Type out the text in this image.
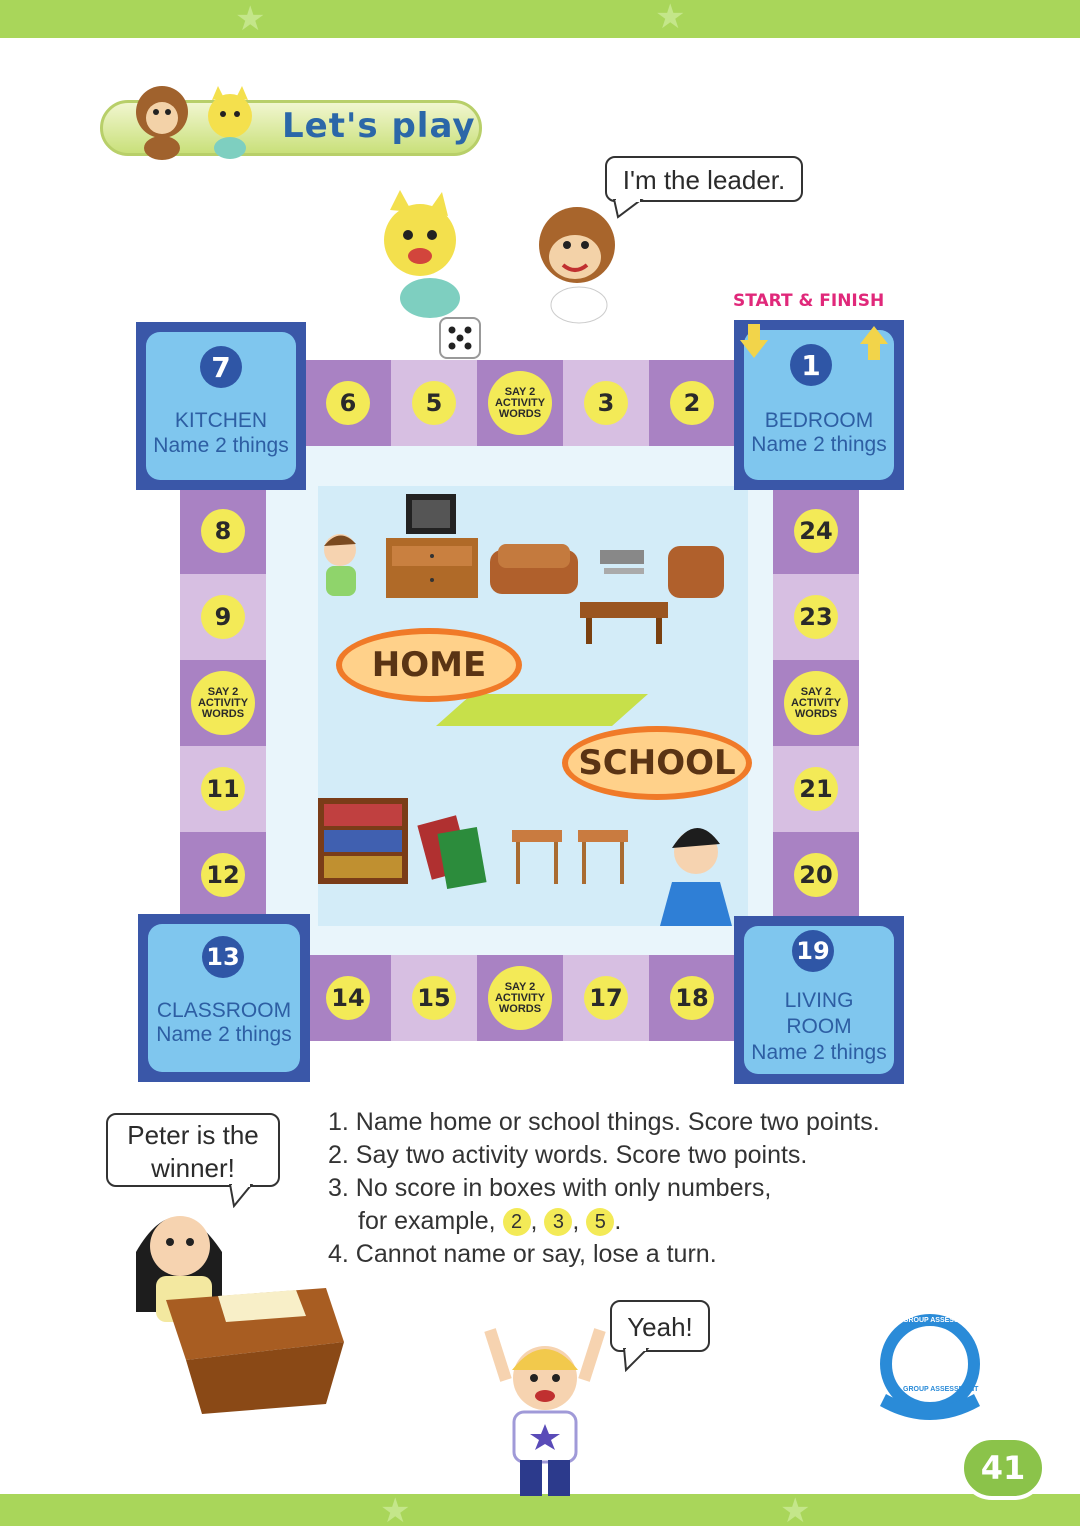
★	★
★	★
Let's play
I'm the leader.
START & FINISH
6	5	SAY 2
ACTIVITY
WORDS	3	2
8
9
SAY 2
ACTIVITY
WORDS
11
12
24
23
SAY 2
ACTIVITY
WORDS
21
20
14 15	SAY 2
ACTIVITY
WORDS 17 18
7
KITCHEN
Name 2 things
1
BEDROOM
Name 2 things
13
CLASSROOM
Name 2 things
19
LIVING
ROOM
Name 2 things
HOME
SCHOOL
Peter is the
winner!
1. Name home or school things. Score two points.
2. Say two activity words. Score two points.
3. No score in boxes with only numbers,
for example, 2 , 3 , 5 .
4. Cannot name or say, lose a turn.
Yeah!	GROUP ASSESSMENT
GROUP ASSESSMENT
41
